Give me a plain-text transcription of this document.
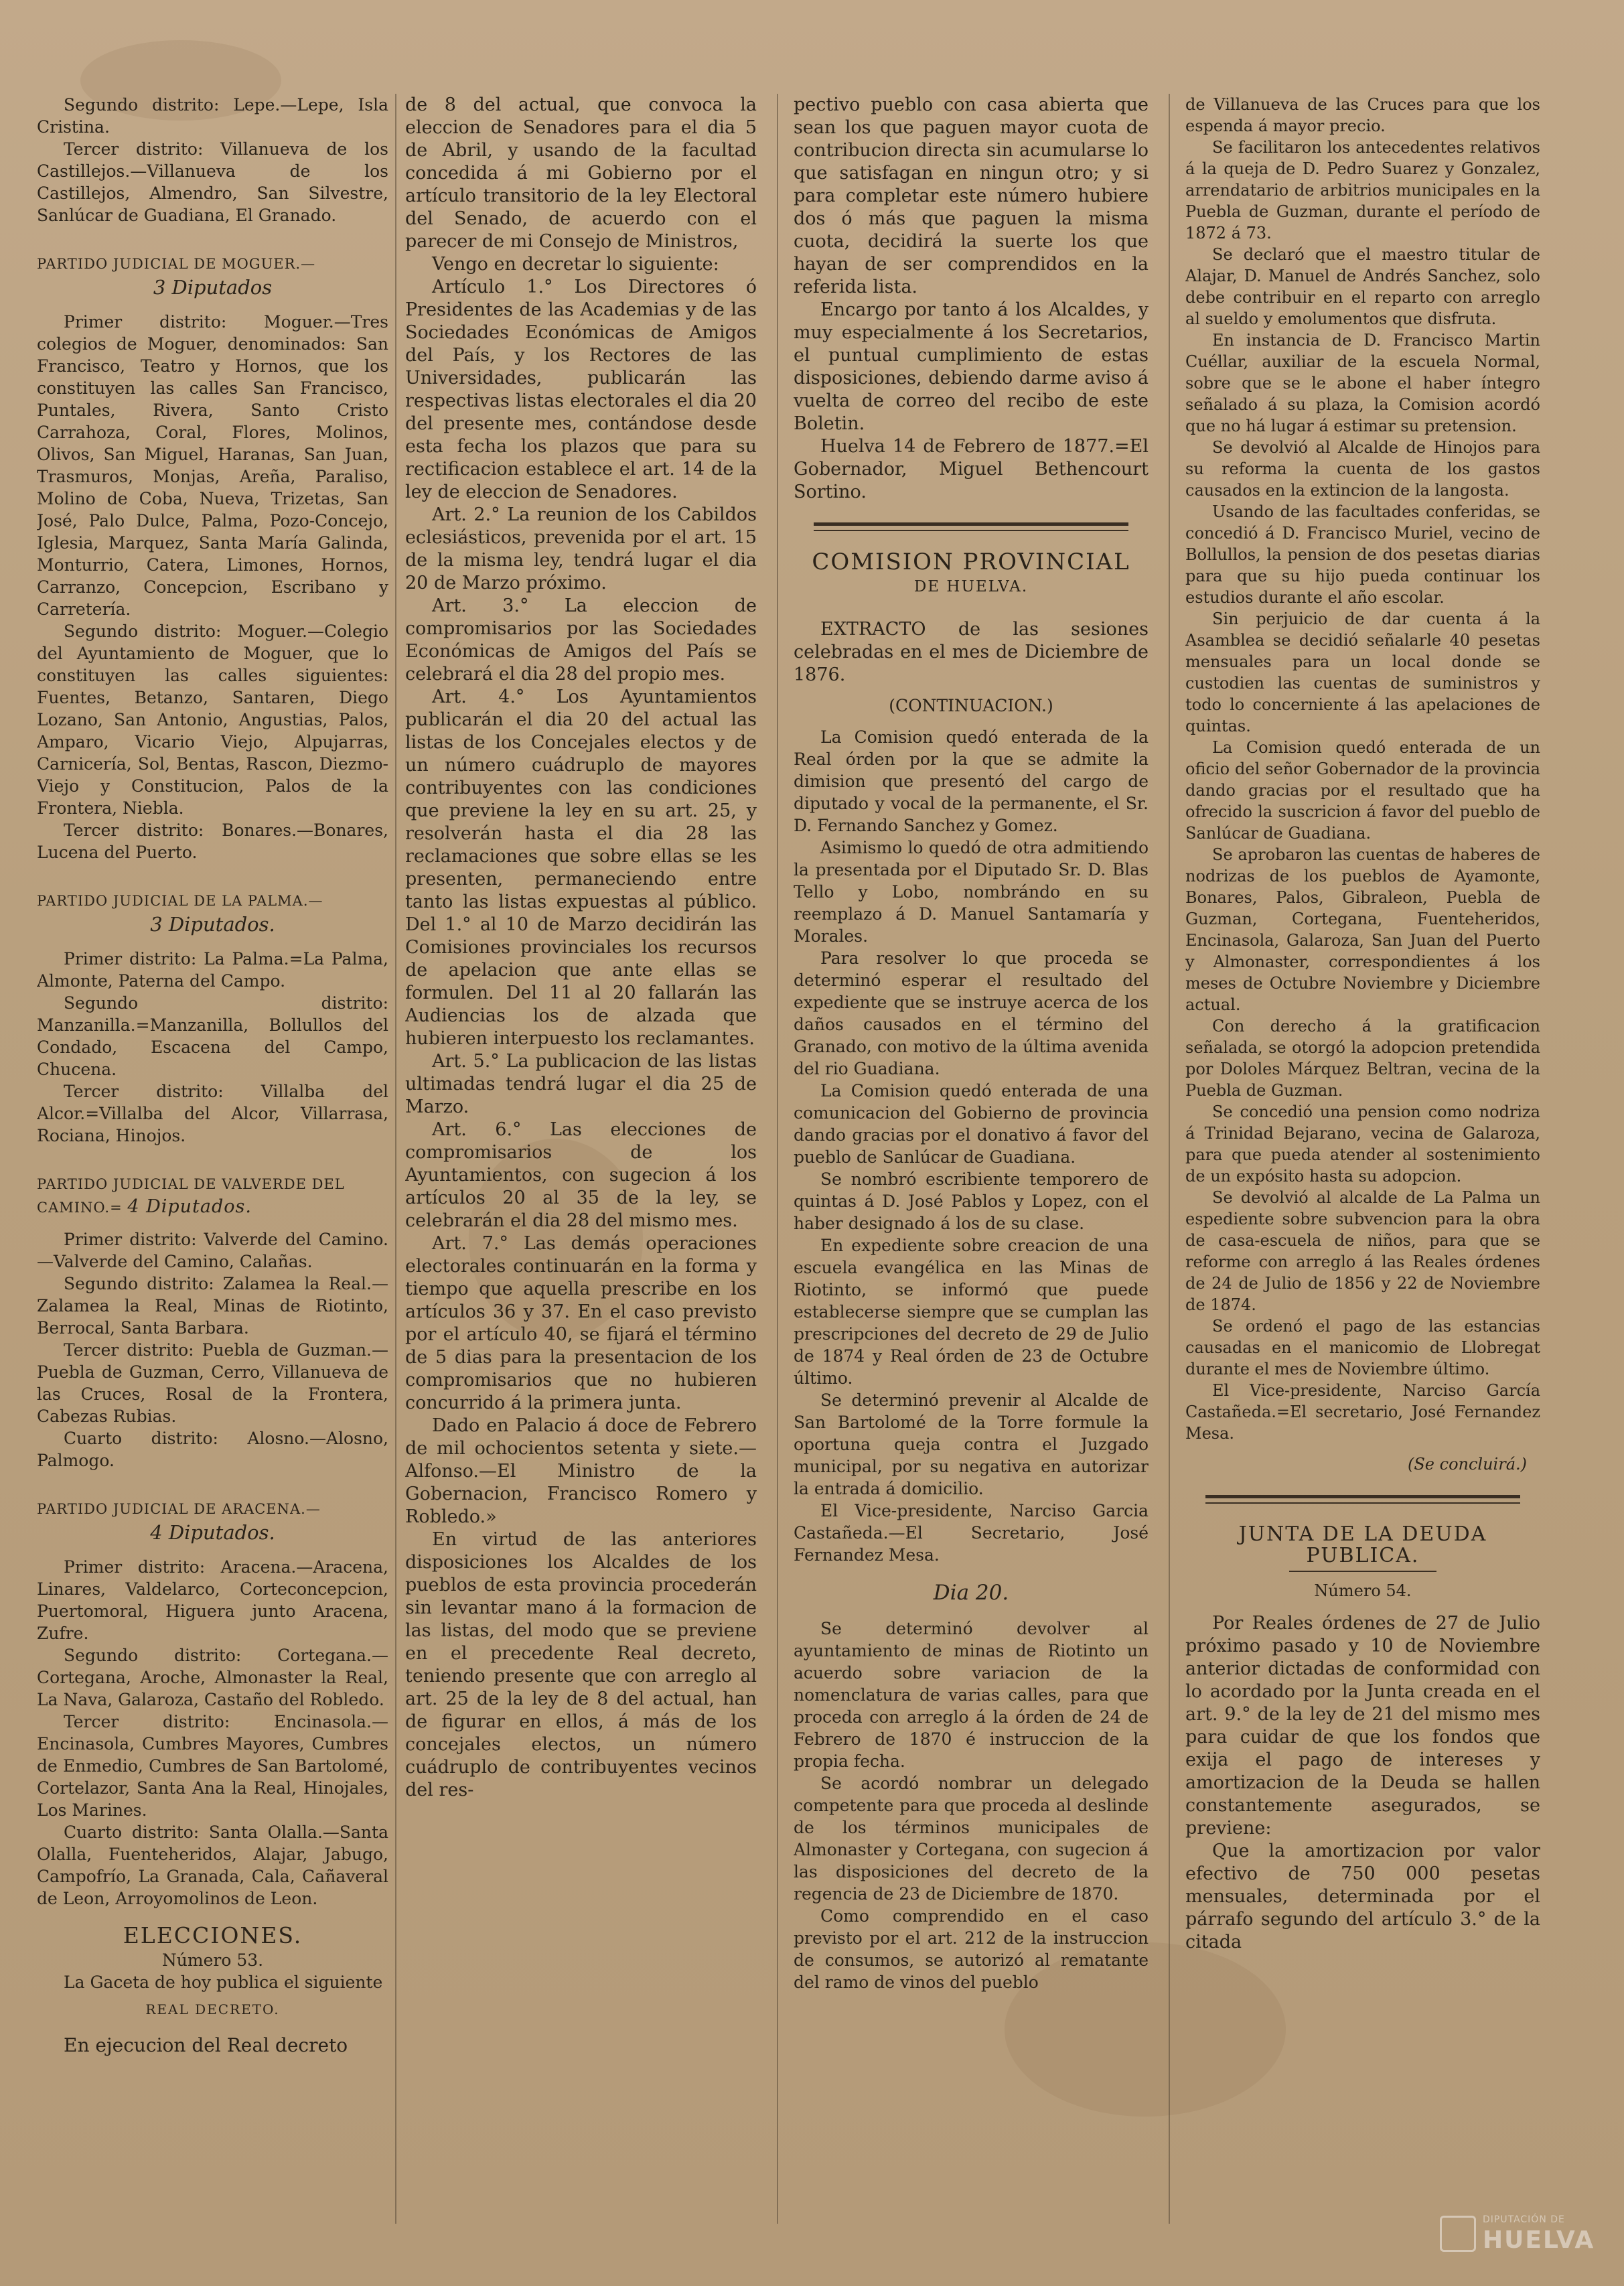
Segundo distrito: Lepe.—Lepe, Isla Cristina.

Tercer distrito: Villanueva de los Castillejos.—Villanueva de los Castillejos, Almendro, San Silvestre, Sanlúcar de Guadiana, El Granado.

PARTIDO JUDICIAL DE MOGUER.—

3 Diputados

Primer distrito: Moguer.—Tres colegios de Moguer, denominados: San Francisco, Teatro y Hornos, que los constituyen las calles San Francisco, Puntales, Rivera, Santo Cristo Carrahoza, Coral, Flores, Molinos, Olivos, San Miguel, Haranas, San Juan, Trasmuros, Monjas, Areña, Paraliso, Molino de Coba, Nueva, Trizetas, San José, Palo Dulce, Palma, Pozo-Concejo, Iglesia, Marquez, Santa María Galinda, Monturrio, Catera, Limones, Hornos, Carranzo, Concepcion, Escribano y Carretería.

Segundo distrito: Moguer.—Colegio del Ayuntamiento de Moguer, que lo constituyen las calles siguientes: Fuentes, Betanzo, Santaren, Diego Lozano, San Antonio, Angustias, Palos, Amparo, Vicario Viejo, Alpujarras, Carnicería, Sol, Bentas, Rascon, Diezmo-Viejo y Constitucion, Palos de la Frontera, Niebla.

Tercer distrito: Bonares.—Bonares, Lucena del Puerto.

PARTIDO JUDICIAL DE LA PALMA.—

3 Diputados.

Primer distrito: La Palma.=La Palma, Almonte, Paterna del Campo.

Segundo distrito: Manzanilla.=Manzanilla, Bollullos del Condado, Escacena del Campo, Chucena.

Tercer distrito: Villalba del Alcor.=Villalba del Alcor, Villarrasa, Rociana, Hinojos.

PARTIDO JUDICIAL DE VALVERDE DEL CAMINO.= 4 Diputados.

Primer distrito: Valverde del Camino.—Valverde del Camino, Calañas.

Segundo distrito: Zalamea la Real.—Zalamea la Real, Minas de Riotinto, Berrocal, Santa Barbara.

Tercer distrito: Puebla de Guzman.—Puebla de Guzman, Cerro, Villanueva de las Cruces, Rosal de la Frontera, Cabezas Rubias.

Cuarto distrito: Alosno.—Alosno, Palmogo.

PARTIDO JUDICIAL DE ARACENA.—

4 Diputados.

Primer distrito: Aracena.—Aracena, Linares, Valdelarco, Corteconcepcion, Puertomoral, Higuera junto Aracena, Zufre.

Segundo distrito: Cortegana.—Cortegana, Aroche, Almonaster la Real, La Nava, Galaroza, Castaño del Robledo.

Tercer distrito: Encinasola.—Encinasola, Cumbres Mayores, Cumbres de Enmedio, Cumbres de San Bartolomé, Cortelazor, Santa Ana la Real, Hinojales, Los Marines.

Cuarto distrito: Santa Olalla.—Santa Olalla, Fuenteheridos, Alajar, Jabugo, Campofrío, La Granada, Cala, Cañaveral de Leon, Arroyomolinos de Leon.

ELECCIONES.

Número 53.

La Gaceta de hoy publica el siguiente

REAL DECRETO.

En ejecucion del Real decreto

de 8 del actual, que convoca la eleccion de Senadores para el dia 5 de Abril, y usando de la facultad concedida á mi Gobierno por el artículo transitorio de la ley Electoral del Senado, de acuerdo con el parecer de mi Consejo de Ministros,

Vengo en decretar lo siguiente:

Artículo 1.° Los Directores ó Presidentes de las Academias y de las Sociedades Económicas de Amigos del País, y los Rectores de las Universidades, publicarán las respectivas listas electorales el dia 20 del presente mes, contándose desde esta fecha los plazos que para su rectificacion establece el art. 14 de la ley de eleccion de Senadores.

Art. 2.° La reunion de los Cabildos eclesiásticos, prevenida por el art. 15 de la misma ley, tendrá lugar el dia 20 de Marzo próximo.

Art. 3.° La eleccion de compromisarios por las Sociedades Económicas de Amigos del País se celebrará el dia 28 del propio mes.

Art. 4.° Los Ayuntamientos publicarán el dia 20 del actual las listas de los Concejales electos y de un número cuádruplo de mayores contribuyentes con las condiciones que previene la ley en su art. 25, y resolverán hasta el dia 28 las reclamaciones que sobre ellas se les presenten, permaneciendo entre tanto las listas expuestas al público. Del 1.° al 10 de Marzo decidirán las Comisiones provinciales los recursos de apelacion que ante ellas se formulen. Del 11 al 20 fallarán las Audiencias los de alzada que hubieren interpuesto los reclamantes.

Art. 5.° La publicacion de las listas ultimadas tendrá lugar el dia 25 de Marzo.

Art. 6.° Las elecciones de compromisarios de los Ayuntamientos, con sugecion á los artículos 20 al 35 de la ley, se celebrarán el dia 28 del mismo mes.

Art. 7.° Las demás operaciones electorales continuarán en la forma y tiempo que aquella prescribe en los artículos 36 y 37. En el caso previsto por el artículo 40, se fijará el término de 5 dias para la presentacion de los compromisarios que no hubieren concurrido á la primera junta.

Dado en Palacio á doce de Febrero de mil ochocientos setenta y siete.—Alfonso.—El Ministro de la Gobernacion, Francisco Romero y Robledo.»

En virtud de las anteriores disposiciones los Alcaldes de los pueblos de esta provincia procederán sin levantar mano á la formacion de las listas, del modo que se previene en el precedente Real decreto, teniendo presente que con arreglo al art. 25 de la ley de 8 del actual, han de figurar en ellos, á más de los concejales electos, un número cuádruplo de contribuyentes vecinos del res-

pectivo pueblo con casa abierta que sean los que paguen mayor cuota de contribucion directa sin acumularse lo que satisfagan en ningun otro; y si para completar este número hubiere dos ó más que paguen la misma cuota, decidirá la suerte los que hayan de ser comprendidos en la referida lista.

Encargo por tanto á los Alcaldes, y muy especialmente á los Secretarios, el puntual cumplimiento de estas disposiciones, debiendo darme aviso á vuelta de correo del recibo de este Boletin.

Huelva 14 de Febrero de 1877.=El Gobernador, Miguel Bethencourt Sortino.

COMISION PROVINCIAL

DE HUELVA.

EXTRACTO de las sesiones celebradas en el mes de Diciembre de 1876.

(CONTINUACION.)

La Comision quedó enterada de la Real órden por la que se admite la dimision que presentó del cargo de diputado y vocal de la permanente, el Sr. D. Fernando Sanchez y Gomez.

Asimismo lo quedó de otra admitiendo la presentada por el Diputado Sr. D. Blas Tello y Lobo, nombrándo en su reemplazo á D. Manuel Santamaría y Morales.

Para resolver lo que proceda se determinó esperar el resultado del expediente que se instruye acerca de los daños causados en el término del Granado, con motivo de la última avenida del rio Guadiana.

La Comision quedó enterada de una comunicacion del Gobierno de provincia dando gracias por el donativo á favor del pueblo de Sanlúcar de Guadiana.

Se nombró escribiente temporero de quintas á D. José Pablos y Lopez, con el haber designado á los de su clase.

En expediente sobre creacion de una escuela evangélica en las Minas de Riotinto, se informó que puede establecerse siempre que se cumplan las prescripciones del decreto de 29 de Julio de 1874 y Real órden de 23 de Octubre último.

Se determinó prevenir al Alcalde de San Bartolomé de la Torre formule la oportuna queja contra el Juzgado municipal, por su negativa en autorizar la entrada á domicilio.

El Vice-presidente, Narciso Garcia Castañeda.—El Secretario, José Fernandez Mesa.

Dia 20.

Se determinó devolver al ayuntamiento de minas de Riotinto un acuerdo sobre variacion de la nomenclatura de varias calles, para que proceda con arreglo á la órden de 24 de Febrero de 1870 é instruccion de la propia fecha.

Se acordó nombrar un delegado competente para que proceda al deslinde de los términos municipales de Almonaster y Cortegana, con sugecion á las disposiciones del decreto de la regencia de 23 de Diciembre de 1870.

Como comprendido en el caso previsto por el art. 212 de la instruccion de consumos, se autorizó al rematante del ramo de vinos del pueblo

de Villanueva de las Cruces para que los espenda á mayor precio.

Se facilitaron los antecedentes relativos á la queja de D. Pedro Suarez y Gonzalez, arrendatario de arbitrios municipales en la Puebla de Guzman, durante el período de 1872 á 73.

Se declaró que el maestro titular de Alajar, D. Manuel de Andrés Sanchez, solo debe contribuir en el reparto con arreglo al sueldo y emolumentos que disfruta.

En instancia de D. Francisco Martin Cuéllar, auxiliar de la escuela Normal, sobre que se le abone el haber íntegro señalado á su plaza, la Comision acordó que no há lugar á estimar su pretension.

Se devolvió al Alcalde de Hinojos para su reforma la cuenta de los gastos causados en la extincion de la langosta.

Usando de las facultades conferidas, se concedió á D. Francisco Muriel, vecino de Bollullos, la pension de dos pesetas diarias para que su hijo pueda continuar los estudios durante el año escolar.

Sin perjuicio de dar cuenta á la Asamblea se decidió señalarle 40 pesetas mensuales para un local donde se custodien las cuentas de suministros y todo lo concerniente á las apelaciones de quintas.

La Comision quedó enterada de un oficio del señor Gobernador de la provincia dando gracias por el resultado que ha ofrecido la suscricion á favor del pueblo de Sanlúcar de Guadiana.

Se aprobaron las cuentas de haberes de nodrizas de los pueblos de Ayamonte, Bonares, Palos, Gibraleon, Puebla de Guzman, Cortegana, Fuenteheridos, Encinasola, Galaroza, San Juan del Puerto y Almonaster, correspondientes á los meses de Octubre Noviembre y Diciembre actual.

Con derecho á la gratificacion señalada, se otorgó la adopcion pretendida por Dololes Márquez Beltran, vecina de la Puebla de Guzman.

Se concedió una pension como nodriza á Trinidad Bejarano, vecina de Galaroza, para que pueda atender al sostenimiento de un expósito hasta su adopcion.

Se devolvió al alcalde de La Palma un espediente sobre subvencion para la obra de casa-escuela de niños, para que se reforme con arreglo á las Reales órdenes de 24 de Julio de 1856 y 22 de Noviembre de 1874.

Se ordenó el pago de las estancias causadas en el manicomio de Llobregat durante el mes de Noviembre último.

El Vice-presidente, Narciso García Castañeda.=El secretario, José Fernandez Mesa.

(Se concluirá.)

JUNTA DE LA DEUDA PUBLICA.

Número 54.

Por Reales órdenes de 27 de Julio próximo pasado y 10 de Noviembre anterior dictadas de conformidad con lo acordado por la Junta creada en el art. 9.° de la ley de 21 del mismo mes para cuidar de que los fondos que exija el pago de intereses y amortizacion de la Deuda se hallen constantemente asegurados, se previene:

Que la amortizacion por valor efectivo de 750 000 pesetas mensuales, determinada por el párrafo segundo del artículo 3.° de la citada

DIPUTACIÓN DE
HUELVA
